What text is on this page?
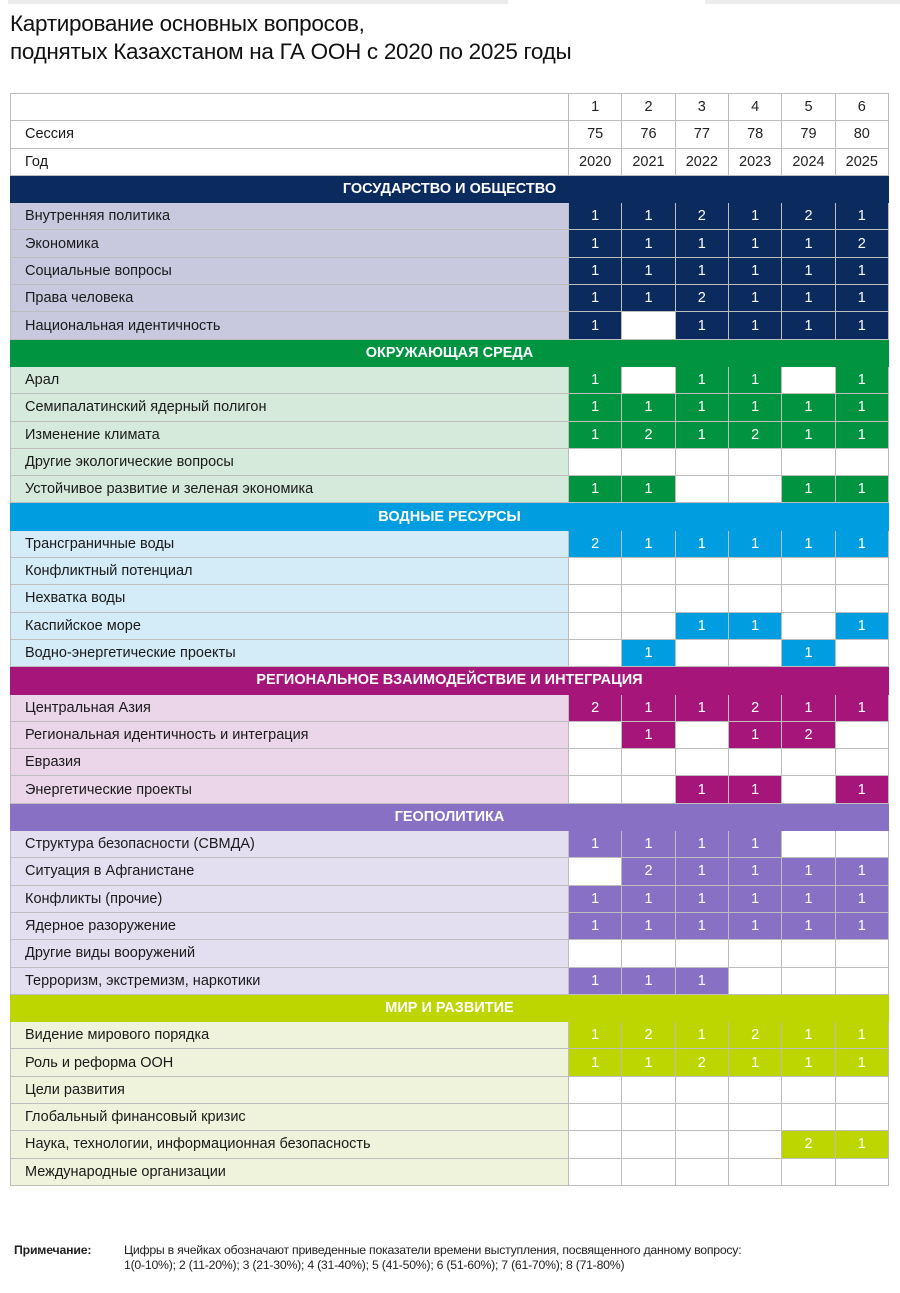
Картирование основных вопросов,
поднятых Казахстаном на ГА ООН с 2020 по 2025 годы
	1	2	3	4	5	6
Сессия	75	76	77	78	79	80
Год	2020	2021	2022	2023	2024	2025
ГОСУДАРСТВО И ОБЩЕСТВО						
Внутренняя политика	1	1	2	1	2	1
Экономика	1	1	1	1	1	2
Социальные вопросы	1	1	1	1	1	1
Права человека	1	1	2	1	1	1
Национальная идентичность	1		1	1	1	1
ОКРУЖАЮЩАЯ СРЕДА						
Арал	1		1	1		1
Семипалатинский ядерный полигон	1	1	1	1	1	1
Изменение климата	1	2	1	2	1	1
Другие экологические вопросы						
Устойчивое развитие и зеленая экономика	1	1			1	1
ВОДНЫЕ РЕСУРСЫ						
Трансграничные воды	2	1	1	1	1	1
Конфликтный потенциал						
Нехватка воды						
Каспийское море			1	1		1
Водно-энергетические проекты		1			1	
РЕГИОНАЛЬНОЕ ВЗАИМОДЕЙСТВИЕ И ИНТЕГРАЦИЯ						
Центральная Азия	2	1	1	2	1	1
Региональная идентичность и интеграция		1		1	2	
Евразия						
Энергетические проекты			1	1		1
ГЕОПОЛИТИКА						
Структура безопасности (СВМДА)	1	1	1	1		
Ситуация в Афганистане		2	1	1	1	1
Конфликты (прочие)	1	1	1	1	1	1
Ядерное разоружение	1	1	1	1	1	1
Другие виды вооружений						
Терроризм, экстремизм, наркотики	1	1	1			
МИР И РАЗВИТИЕ						
Видение мирового порядка	1	2	1	2	1	1
Роль и реформа ООН	1	1	2	1	1	1
Цели развития						
Глобальный финансовый кризис						
Наука, технологии, информационная безопасность					2	1
Международные организации						
Примечание:	Цифры в ячейках обозначают приведенные показатели времени выступления, посвященного данному вопросу:
1(0-10%); 2 (11-20%); 3 (21-30%); 4 (31-40%); 5 (41-50%); 6 (51-60%); 7 (61-70%); 8 (71-80%)
